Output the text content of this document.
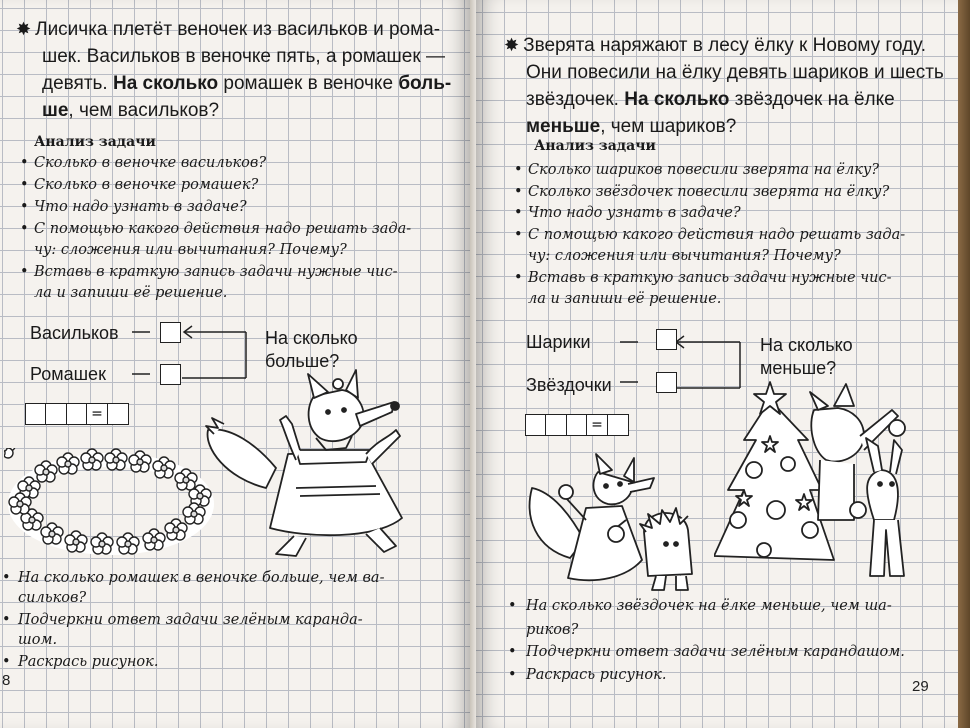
✸ Лисичка плетёт веночек из васильков и рома-
шек. Васильков в веночке пять, а ромашек —
девять. На сколько ромашек в веночке боль-
ше, чем васильков?
Анализ задачи
• Сколько в веночке васильков?
• Сколько в веночке ромашек?
• Что надо узнать в задаче?
• С помощью какого действия надо решать зада-
чу: сложения или вычитания? Почему?
• Вставь в краткую запись задачи нужные чис-
ла и запиши её решение.
Васильков
Ромашек
На сколько
больше?
=
• На сколько ромашек в веночке больше, чем ва-
сильков?
• Подчеркни ответ задачи зелёным каранда-
шом.
• Раскрась рисунок.
8
✸ Зверята наряжают в лесу ёлку к Новому году.
Они повесили на ёлку девять шариков и шесть
звёздочек. На сколько звёздочек на ёлке
меньше, чем шариков?
Анализ задачи
• Сколько шариков повесили зверята на ёлку?
• Сколько звёздочек повесили зверята на ёлку?
• Что надо узнать в задаче?
• С помощью какого действия надо решать зада-
чу: сложения или вычитания? Почему?
• Вставь в краткую запись задачи нужные чис-
ла и запиши её решение.
Шарики
Звёздочки
На сколько
меньше?
=
• На сколько звёздочек на ёлке меньше, чем ша-
риков?
• Подчеркни ответ задачи зелёным карандашом.
• Раскрась рисунок.
29
